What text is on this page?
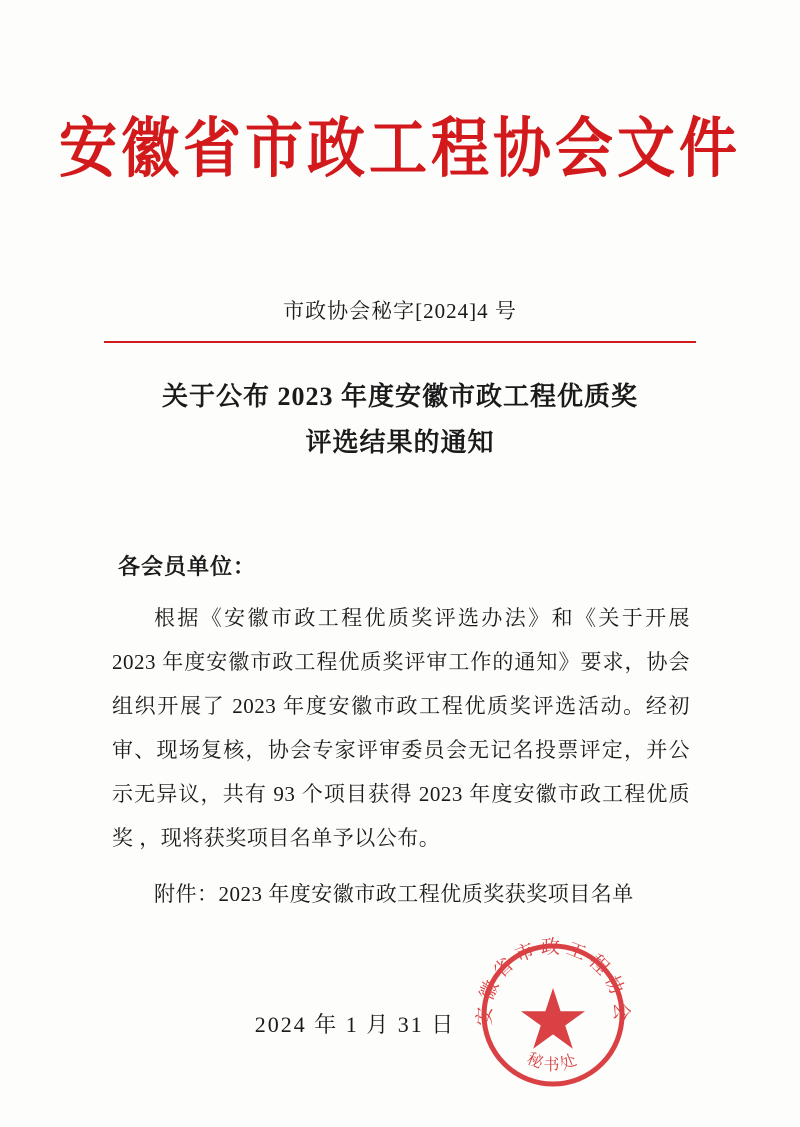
安徽省市政工程协会文件
市政协会秘字[2024]4 号
关于公布 2023 年度安徽市政工程优质奖
评选结果的通知
各会员单位：

根据《安徽市政工程优质奖评选办法》和《关于开展 2023 年度安徽市政工程优质奖评审工作的通知》要求，协会组织开展了 2023 年度安徽市政工程优质奖评选活动。经初审、现场复核，协会专家评审委员会无记名投票评定，并公示无异议，共有 93 个项目获得 2023 年度安徽市政工程优质奖 ，现将获奖项目名单予以公布。

附件：2023 年度安徽市政工程优质奖获奖项目名单

安徽省市政工程协会
秘书处
2024 年 1 月 31 日
